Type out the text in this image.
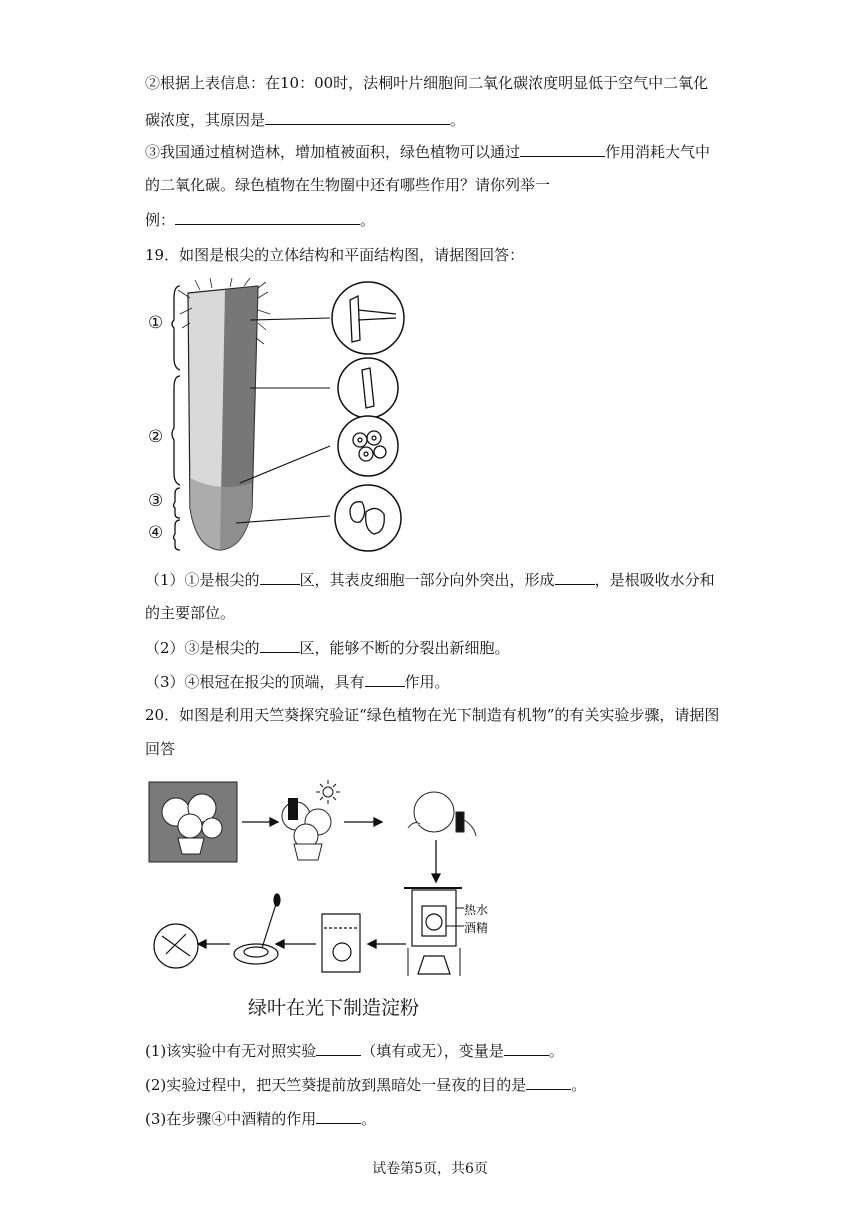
②根据上表信息：在10：00时，法桐叶片细胞间二氧化碳浓度明显低于空气中二氧化
碳浓度，其原因是	。
③我国通过植树造林，增加植被面积，绿色植物可以通过	作用消耗大气中
的二氧化碳。绿色植物在生物圈中还有哪些作用？请你列举一
例：	。
19．如图是根尖的立体结构和平面结构图，请据图回答：
①
②
③
④
（1）①是根尖的	区，其表皮细胞一部分向外突出，形成	，是根吸收水分和
的主要部位。
（2）③是根尖的	区，能够不断的分裂出新细胞。
（3）④根冠在报尖的顶端，具有	作用。
20．如图是利用天竺葵探究验证“绿色植物在光下制造有机物”的有关实验步骤，请据图
回答
热水
酒精
绿叶在光下制造淀粉
(1)该实验中有无对照实验	（填有或无），变量是	。
(2)实验过程中，把天竺葵提前放到黑暗处一昼夜的目的是	。
(3)在步骤④中酒精的作用	。
试卷第5页，共6页
